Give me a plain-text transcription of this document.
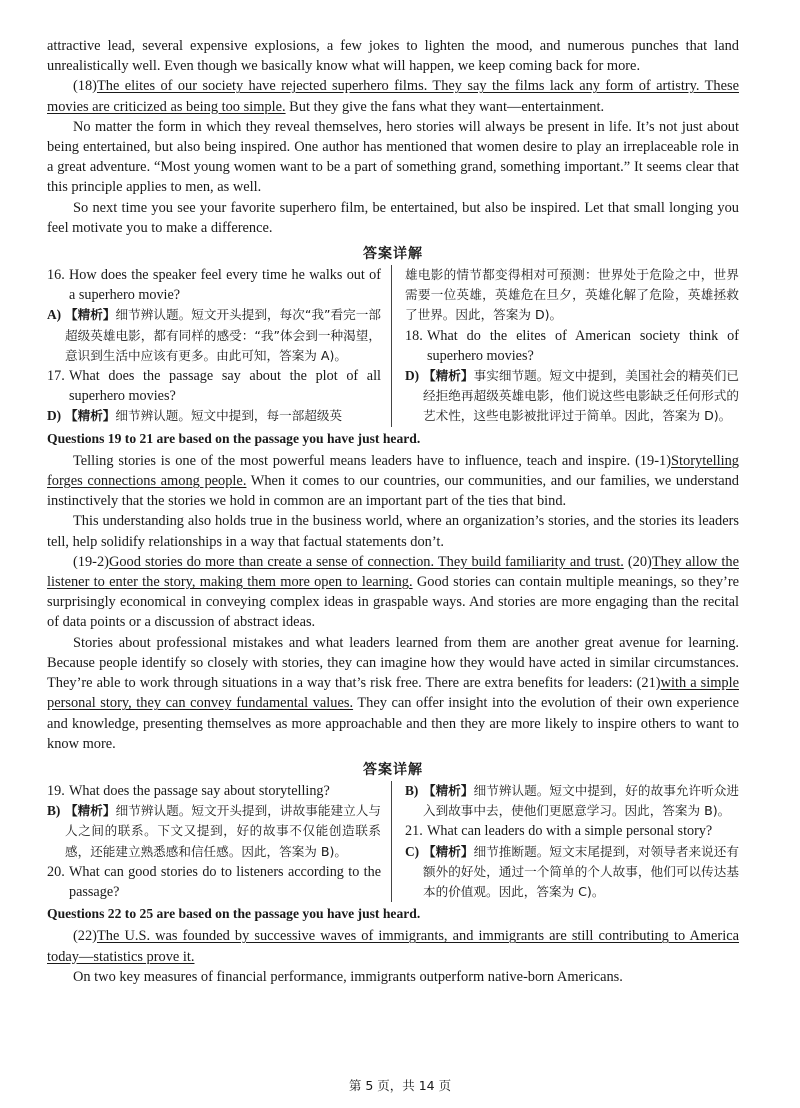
attractive lead, several expensive explosions, a few jokes to lighten the mood, and numerous punches that land unrealistically well. Even though we basically know what will happen, we keep coming back for more.

(18)The elites of our society have rejected superhero films. They say the films lack any form of artistry. These movies are criticized as being too simple. But they give the fans what they want—entertainment.

No matter the form in which they reveal themselves, hero stories will always be present in life. It’s not just about being entertained, but also being inspired. One author has mentioned that women desire to play an irreplaceable role in a great adventure. “Most young women want to be a part of something grand, something important.” It seems clear that this principle applies to men, as well.

So next time you see your favorite superhero film, be entertained, but also be inspired. Let that small longing you feel motivate you to make a difference.

答案详解
16. How does the speaker feel every time he walks out of a superhero movie?
A) 【精析】细节辨认题。短文开头提到，每次“我”看完一部超级英雄电影，都有同样的感受：“我”体会到一种渴望，意识到生活中应该有更多。由此可知，答案为 A)。
17. What does the passage say about the plot of all superhero movies?
D) 【精析】细节辨认题。短文中提到，每一部超级英
雄电影的情节都变得相对可预测：世界处于危险之中，世界需要一位英雄，英雄危在旦夕，英雄化解了危险，英雄拯救了世界。因此，答案为 D)。
18. What do the elites of American society think of superhero movies?
D) 【精析】事实细节题。短文中提到，美国社会的精英们已经拒绝再超级英雄电影，他们说这些电影缺乏任何形式的艺术性，这些电影被批评过于简单。因此，答案为 D)。

Questions 19 to 21 are based on the passage you have just heard.

Telling stories is one of the most powerful means leaders have to influence, teach and inspire. (19-1)Storytelling forges connections among people. When it comes to our countries, our communities, and our families, we understand instinctively that the stories we hold in common are an important part of the ties that bind.

This understanding also holds true in the business world, where an organization’s stories, and the stories its leaders tell, help solidify relationships in a way that factual statements don’t.

(19-2)Good stories do more than create a sense of connection. They build familiarity and trust. (20)They allow the listener to enter the story, making them more open to learning. Good stories can contain multiple meanings, so they’re surprisingly economical in conveying complex ideas in graspable ways. And stories are more engaging than the recital of data points or a discussion of abstract ideas.

Stories about professional mistakes and what leaders learned from them are another great avenue for learning. Because people identify so closely with stories, they can imagine how they would have acted in similar circumstances. They’re able to work through situations in a way that’s risk free. There are extra benefits for leaders: (21)with a simple personal story, they can convey fundamental values. They can offer insight into the evolution of their own experience and knowledge, presenting themselves as more approachable and then they are more likely to inspire others to want to know more.

答案详解
19. What does the passage say about storytelling?
B) 【精析】细节辨认题。短文开头提到，讲故事能建立人与人之间的联系。下文又提到，好的故事不仅能创造联系感，还能建立熟悉感和信任感。因此，答案为 B)。
20. What can good stories do to listeners according to the passage?
B) 【精析】细节辨认题。短文中提到，好的故事允许听众进入到故事中去，使他们更愿意学习。因此，答案为 B)。
21. What can leaders do with a simple personal story?
C) 【精析】细节推断题。短文末尾提到，对领导者来说还有额外的好处，通过一个简单的个人故事，他们可以传达基本的价值观。因此，答案为 C)。

Questions 22 to 25 are based on the passage you have just heard.

(22)The U.S. was founded by successive waves of immigrants, and immigrants are still contributing to America today—statistics prove it.

On two key measures of financial performance, immigrants outperform native-born Americans.

第 5 页，共 14 页
